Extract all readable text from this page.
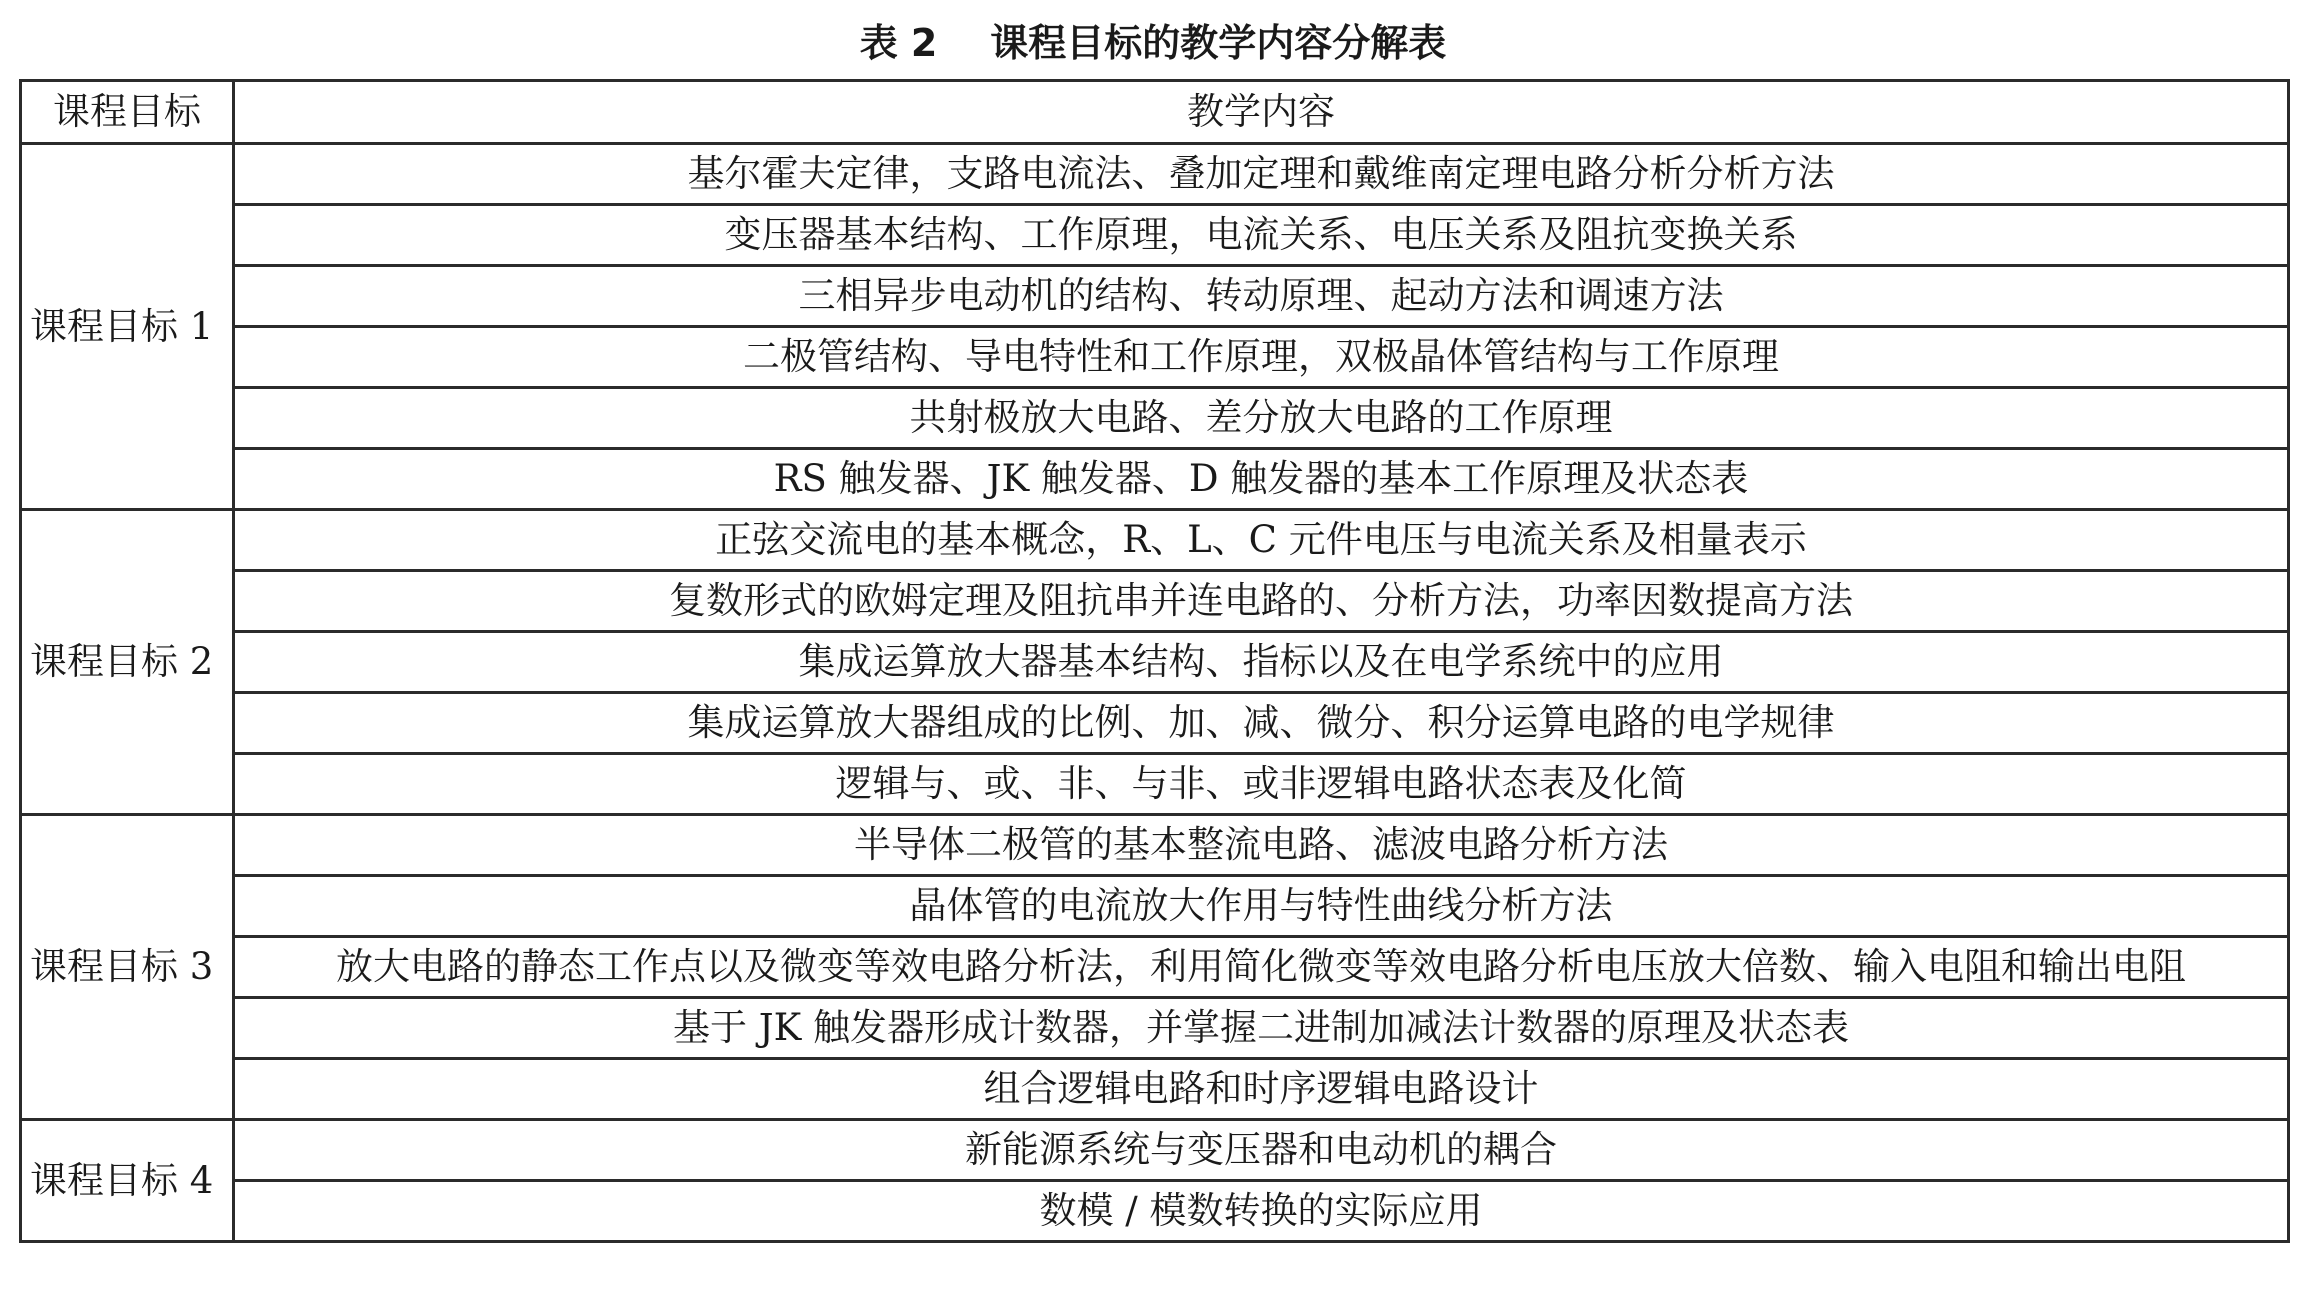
表 2    课程目标的教学内容分解表
课程目标	教学内容
课程目标 1	基尔霍夫定律，支路电流法、叠加定理和戴维南定理电路分析分析方法
	变压器基本结构、工作原理，电流关系、电压关系及阻抗变换关系
	三相异步电动机的结构、转动原理、起动方法和调速方法
	二极管结构、导电特性和工作原理，双极晶体管结构与工作原理
	共射极放大电路、差分放大电路的工作原理
	RS 触发器、JK 触发器、D 触发器的基本工作原理及状态表
课程目标 2	正弦交流电的基本概念，R、L、C 元件电压与电流关系及相量表示
	复数形式的欧姆定理及阻抗串并连电路的、分析方法，功率因数提高方法
	集成运算放大器基本结构、指标以及在电学系统中的应用
	集成运算放大器组成的比例、加、减、微分、积分运算电路的电学规律
	逻辑与、或、非、与非、或非逻辑电路状态表及化简
课程目标 3	半导体二极管的基本整流电路、滤波电路分析方法
	晶体管的电流放大作用与特性曲线分析方法
	放大电路的静态工作点以及微变等效电路分析法，利用简化微变等效电路分析电压放大倍数、输入电阻和输出电阻
	基于 JK 触发器形成计数器，并掌握二进制加减法计数器的原理及状态表
	组合逻辑电路和时序逻辑电路设计
课程目标 4	新能源系统与变压器和电动机的耦合
	数模 / 模数转换的实际应用
